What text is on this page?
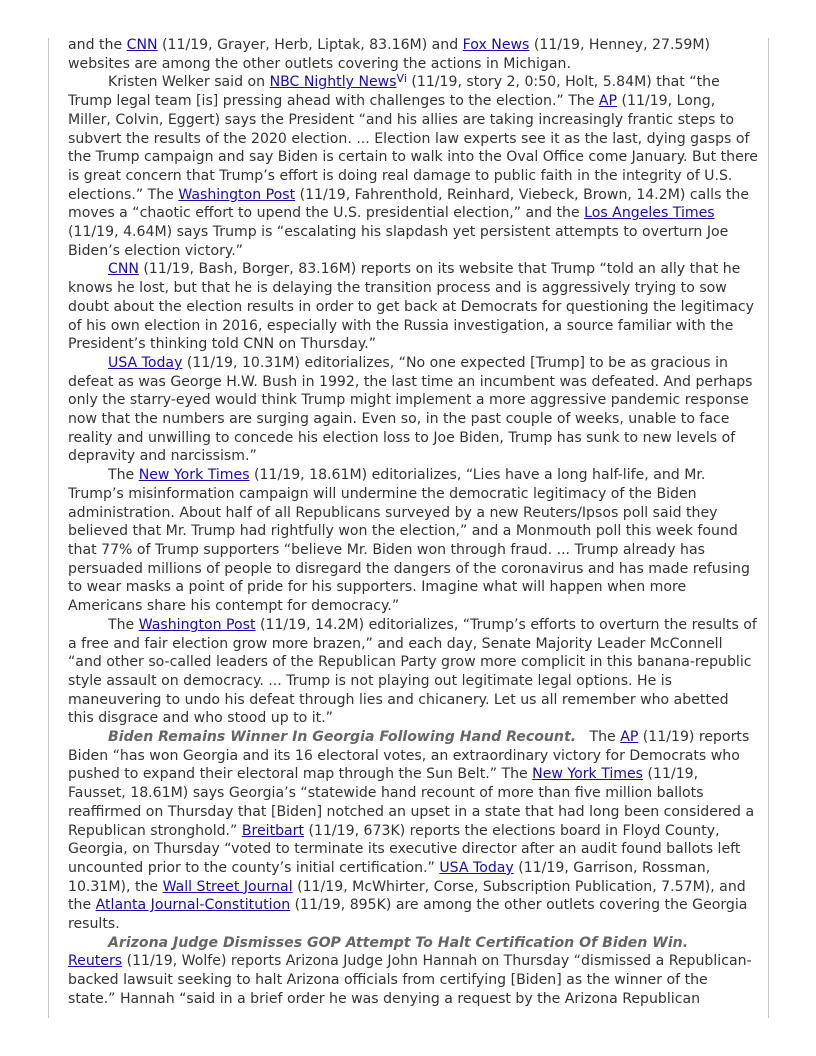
and the CNN (11/19, Grayer, Herb, Liptak, 83.16M) and Fox News (11/19, Henney, 27.59M) websites are among the other outlets covering the actions in Michigan.

Kristen Welker said on NBC Nightly News$^{Vi}$ (11/19, story 2, 0:50, Holt, 5.84M) that “the Trump legal team [is] pressing ahead with challenges to the election.” The AP (11/19, Long, Miller, Colvin, Eggert) says the President “and his allies are taking increasingly frantic steps to subvert the results of the 2020 election. ... Election law experts see it as the last, dying gasps of the Trump campaign and say Biden is certain to walk into the Oval Office come January. But there is great concern that Trump’s effort is doing real damage to public faith in the integrity of U.S. elections.” The Washington Post (11/19, Fahrenthold, Reinhard, Viebeck, Brown, 14.2M) calls the moves a “chaotic effort to upend the U.S. presidential election,” and the Los Angeles Times (11/19, 4.64M) says Trump is “escalating his slapdash yet persistent attempts to overturn Joe Biden’s election victory.”

CNN (11/19, Bash, Borger, 83.16M) reports on its website that Trump “told an ally that he knows he lost, but that he is delaying the transition process and is aggressively trying to sow doubt about the election results in order to get back at Democrats for questioning the legitimacy of his own election in 2016, especially with the Russia investigation, a source familiar with the President’s thinking told CNN on Thursday.”

USA Today (11/19, 10.31M) editorializes, “No one expected [Trump] to be as gracious in defeat as was George H.W. Bush in 1992, the last time an incumbent was defeated. And perhaps only the starry-eyed would think Trump might implement a more aggressive pandemic response now that the numbers are surging again. Even so, in the past couple of weeks, unable to face reality and unwilling to concede his election loss to Joe Biden, Trump has sunk to new levels of depravity and narcissism.”

The New York Times (11/19, 18.61M) editorializes, “Lies have a long half-life, and Mr. Trump’s misinformation campaign will undermine the democratic legitimacy of the Biden administration. About half of all Republicans surveyed by a new Reuters/Ipsos poll said they believed that Mr. Trump had rightfully won the election,” and a Monmouth poll this week found that 77% of Trump supporters “believe Mr. Biden won through fraud. ... Trump already has persuaded millions of people to disregard the dangers of the coronavirus and has made refusing to wear masks a point of pride for his supporters. Imagine what will happen when more Americans share his contempt for democracy.”

The Washington Post (11/19, 14.2M) editorializes, “Trump’s efforts to overturn the results of a free and fair election grow more brazen,” and each day, Senate Majority Leader McConnell “and other so-called leaders of the Republican Party grow more complicit in this banana-republic style assault on democracy. ... Trump is not playing out legitimate legal options. He is maneuvering to undo his defeat through lies and chicanery. Let us all remember who abetted this disgrace and who stood up to it.”

Biden Remains Winner In Georgia Following Hand Recount.   The AP (11/19) reports Biden “has won Georgia and its 16 electoral votes, an extraordinary victory for Democrats who pushed to expand their electoral map through the Sun Belt.” The New York Times (11/19, Fausset, 18.61M) says Georgia’s “statewide hand recount of more than five million ballots reaffirmed on Thursday that [Biden] notched an upset in a state that had long been considered a Republican stronghold.” Breitbart (11/19, 673K) reports the elections board in Floyd County, Georgia, on Thursday “voted to terminate its executive director after an audit found ballots left uncounted prior to the county’s initial certification.” USA Today (11/19, Garrison, Rossman, 10.31M), the Wall Street Journal (11/19, McWhirter, Corse, Subscription Publication, 7.57M), and the Atlanta Journal-Constitution (11/19, 895K) are among the other outlets covering the Georgia results.

Arizona Judge Dismisses GOP Attempt To Halt Certification Of Biden Win.

Reuters (11/19, Wolfe) reports Arizona Judge John Hannah on Thursday “dismissed a Republican-backed lawsuit seeking to halt Arizona officials from certifying [Biden] as the winner of the state.” Hannah “said in a brief order he was denying a request by the Arizona Republican
